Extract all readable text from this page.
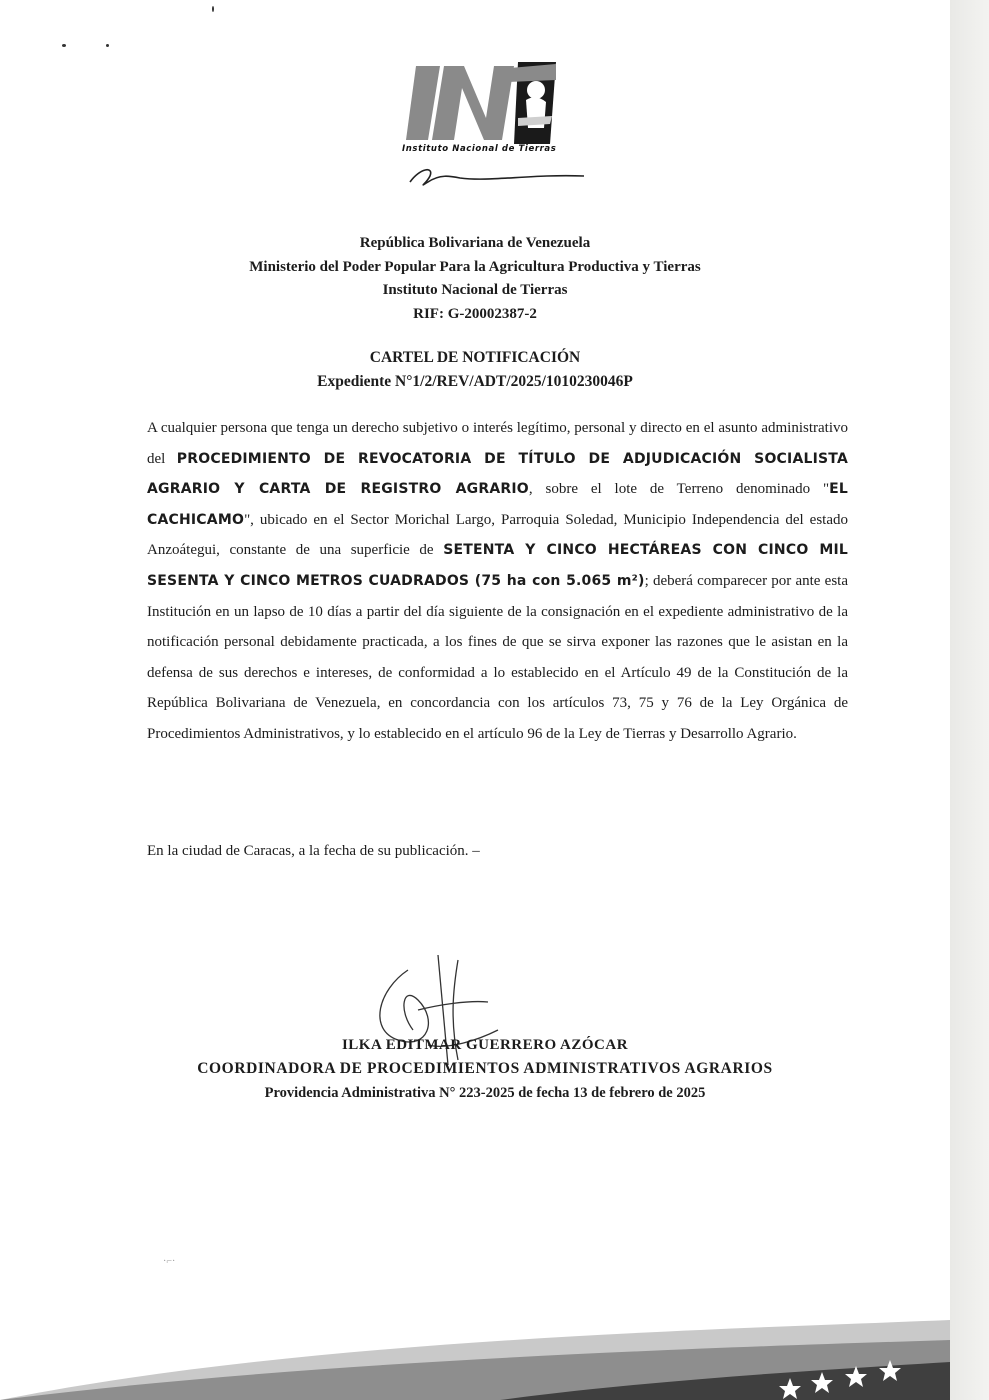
Instituto Nacional de Tierras
República Bolivariana de Venezuela
Ministerio del Poder Popular Para la Agricultura Productiva y Tierras
Instituto Nacional de Tierras
RIF: G-20002387-2
CARTEL DE NOTIFICACIÓN
Expediente N°1/2/REV/ADT/2025/1010230046P
A cualquier persona que tenga un derecho subjetivo o interés legítimo, personal y directo en el asunto administrativo del PROCEDIMIENTO DE REVOCATORIA DE TÍTULO DE ADJUDICACIÓN SOCIALISTA AGRARIO Y CARTA DE REGISTRO AGRARIO, sobre el lote de Terreno denominado "EL CACHICAMO", ubicado en el Sector Morichal Largo, Parroquia Soledad, Municipio Independencia del estado Anzoátegui, constante de una superficie de SETENTA Y CINCO HECTÁREAS CON CINCO MIL SESENTA Y CINCO METROS CUADRADOS (75 ha con 5.065 m²); deberá comparecer por ante esta Institución en un lapso de 10 días a partir del día siguiente de la consignación en el expediente administrativo de la notificación personal debidamente practicada, a los fines de que se sirva exponer las razones que le asistan en la defensa de sus derechos e intereses, de conformidad a lo establecido en el Artículo 49 de la Constitución de la República Bolivariana de Venezuela, en concordancia con los artículos 73, 75 y 76 de la Ley Orgánica de Procedimientos Administrativos, y lo establecido en el artículo 96 de la Ley de Tierras y Desarrollo Agrario.
En la ciudad de Caracas, a la fecha de su publicación. –
ILKA EDITMAR GUERRERO AZÓCAR
COORDINADORA DE PROCEDIMIENTOS ADMINISTRATIVOS AGRARIOS
Providencia Administrativa N° 223-2025 de fecha 13 de febrero de 2025
·⌐·
